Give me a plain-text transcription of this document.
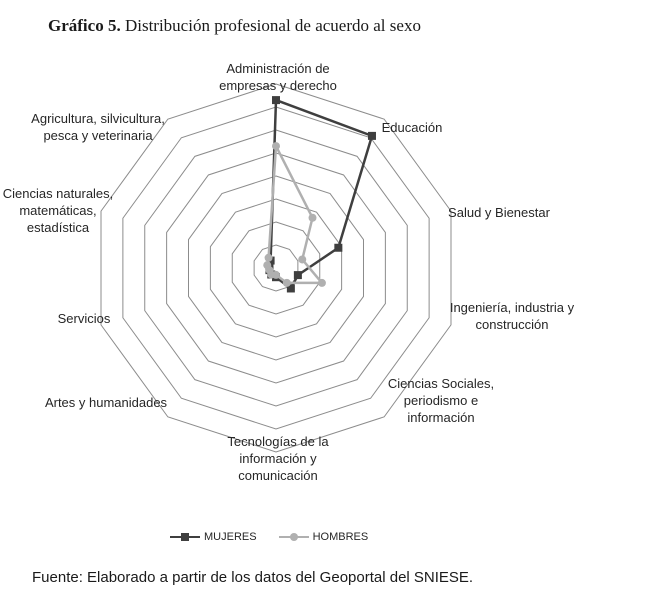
Gráfico 5. Distribución profesional de acuerdo al sexo
Administración de
empresas y derecho
Educación
Salud y Bienestar
Ingeniería, industria y
construcción
Ciencias Sociales,
periodismo e
información
Tecnologías de la
información y
comunicación
Artes y humanidades
Servicios
Ciencias naturales,
matemáticas,
estadística
Agricultura, silvicultura,
pesca y veterinaria
MUJERES	HOMBRES
Fuente: Elaborado a partir de los datos del Geoportal del SNIESE.
